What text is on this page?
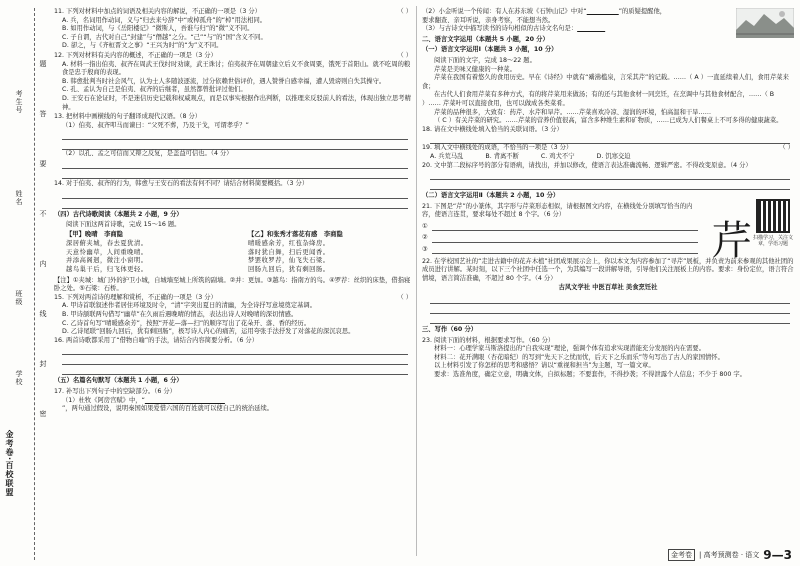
金考卷·百校联盟
学校
班级
姓名
考生号
题
答
要
不
内
线
封
密
11. 下列对材料中加点的词语及相关内容的解说，不正确的一项是（3 分）	（ ）
A. 兵，名词用作动词，义与“归去来兮辞”中“或棹孤舟”的“棹”用法相同。
B. 如用作动词，与《岳阳楼记》“微斯人，吾谁与归”的“微”义不同。
C. 子自谓，古代对自己“封建”与“僭越”之分。“己”“与”的“国”含义不同。
D. 卻之，与《齐桓晋文之事》“王兴为时”的“为”义不同。
12. 下列对材料有关内容的概述，不正确的一项是（3 分）	（ ）
A. 材料一指出伯夷、叔齐在周武王伐纣时劝谏，武王诛讨；伯夷叔齐在周朝建立后义不食周粟，饿死于首阳山。就不吃周的粮食是忠于殷商的表现。
B. 韩愈批判当时社会风气，认为士人多随波逐流，过分依赖世俗评价，遇人赞誉自感幸福，遭人毁谤则自失其操守。
C. 孔、孟认为自己是伯夷、叔齐的后继者，虽然都曾批评过他们。
D. 王安石在论证时，不是迷信历史记载和权威观点，而是以事实根据作出判断，以推理来反驳前人的看法，体现出独立思考精神。
13. 把材料中画横线的句子翻译成现代汉语。（8 分）
（1）伯夷、叔齐叩马而谏曰：“父死不葬，乃及干戈，可谓孝乎？”
（2）以孔、孟之可信而又辩之反复，是盖益可信也。（4 分）
14. 对于伯夷、叔齐的行为，韩愈与王安石的看法有何不同？请结合材料简要概括。（3 分）
（四）古代诗歌阅读（本题共 2 小题，9 分）
阅读下面这两首诗歌，完成 15～16 题。
【甲】晚晴 李商隐
深居俯夹城，春去夏犹清。
天意怜幽草，人间重晚晴。
并添高阁迥，微注小窗明。
越鸟巢干后，归飞体更轻。
【乙】和张秀才落花有感 李商隐
晴暖感余芳，红苞杂绛房。
落时犹自舞，扫后更闻香。
梦罢收罗荐，仙飞失石梁。
回肠九回后，犹有剩回肠。
【注】①夹城：城门外的护卫小城，自城墙至城上所筑的副墙。②并：更加。③越鸟：指南方的鸟。④罗荐：丝织的床垫，借指寝卧之处。⑤石梁：石桥。
15. 下列对两首诗的理解和赏析，不正确的一项是（3 分）	（ ）
A. 甲诗首联叙述作者居住环境及时令，“清”字突出夏日的清幽，为全诗抒写意境奠定基调。
B. 甲诗颔联两句借写“幽草”在久雨后遇晚晴的情态，表达出诗人对晚晴的深切情感。
C. 乙诗首句写“晴暖感余芳”，按照“开花—落—扫”的顺序写出了花朵开、落、香的经历。
D. 乙诗尾联“回肠九回后，犹有剩回肠”，极写诗人内心的痛苦，运用夸张手法抒发了对落花的深沉哀思。
16. 两首诗歌都采用了“借物自喻”的手法，请结合内容简要分析。（6 分）
（五）名篇名句默写（本题共 1 小题，6 分）
17. 补写出下列句子中的空缺部分。（6 分）
（1）杜牧《阿房宫赋》中，“
”，两句通过假设，说明秦国如果爱惜六国的百姓就可以使自己的统治延续。
（2）小金听说一个传闻：有人在苏东坡《石钟山记》中对“	”的质疑提醒他，
要求翻查、亲耳听说，亲身考察，不能想当然。
（3）与古诗文中描写读书的诗句相似的古诗文名句是：
二、语言文字运用（本题共 5 小题，20 分）
（一）语言文字运用Ⅰ（本题共 3 小题，10 分）
阅读下面的文字，完成 18～22 题。
芹菜是美味又健康的一种菜。
芹菜在我国有着悠久的食用历史。早在《诗经》中就有“觱沸槛泉，言采其芹”的记载。……（ A ）一直延续着人们，食用芹菜来食；
在古代人们食用芹菜有多种方式，有的将芹菜用来做汤；有的还与其他食材一同烹饪，在烹调中与其他食材配合，……（ B ）…… 芹菜叶可以直接食用，也可以做成各类菜肴。
芹菜的品种很多，大致有：药芹、水芹和旱芹。……芹菜喜欢冷凉、湿润的环境，怕高温和干旱……
（ C ）有关芹菜的研究。……芹菜的营养价值很高，富含多种维生素和矿物质，……已成为人们餐桌上不可多得的健康蔬菜。
18. 请在文中横线处填入恰当的关联词语。（3 分）
19. 填入文中横线处的成语，不恰当的一项是（3 分）	（ ）
A. 兵荒马乱	B. 背离不断	C. 鸡犬不宁	D. 饥寒交迫
20. 文中第二段标序号的部分有语病，请找出，并加以修改，使语言表达准确流畅、逻辑严密。不得改变原意。（4 分）
（二）语言文字运用Ⅱ（本题共 2 小题，10 分）
21. 下图是“芹”的小篆体，其字形与芹菜形态相似，请根据图文内容，在横线处分别填写恰当的内容，使语言连贯，要求每处不超过 8 个字。（6 分）
①
②
③	芹 扫描学习，关注文章，学语习题
22. 在学校国艺社的“走进古籍中的花卉木植”社团成果展示会上，你以本文为内容参加了“寻芹”展板，并负责为前来参观的其他社团的成员进行讲解。某时刻，以下三个社团中任选一个，为其编写一段讲解导语，引导他们关注展板上的内容。要求：身份定位，语言符合情境，语言简洁准确，不超过 80 个字。（4 分）
古风文学社 中医百草社 美食烹饪社
三、写作（60 分）
23. 阅读下面的材料，根据要求写作。（60 分）
材料一：心理学家马斯洛提出的“自我实现”理论，强调个体有追求实现潜能充分发展的内在需要。
材料二：花开满眼（杏花暗纪）的写到“先天下之忧而忧，后天下之乐而乐”等句写出了古人的家国情怀。
以上材料引发了你怎样的思考和感悟？请以“重视和担当”为主题，写一篇文章。
要求：选准角度，确定立意，明确文体，自拟标题；不要套作，不得抄袭；不得泄露个人信息；不少于 800 字。
金考卷	| 高考预测卷 · 语文 9—3
